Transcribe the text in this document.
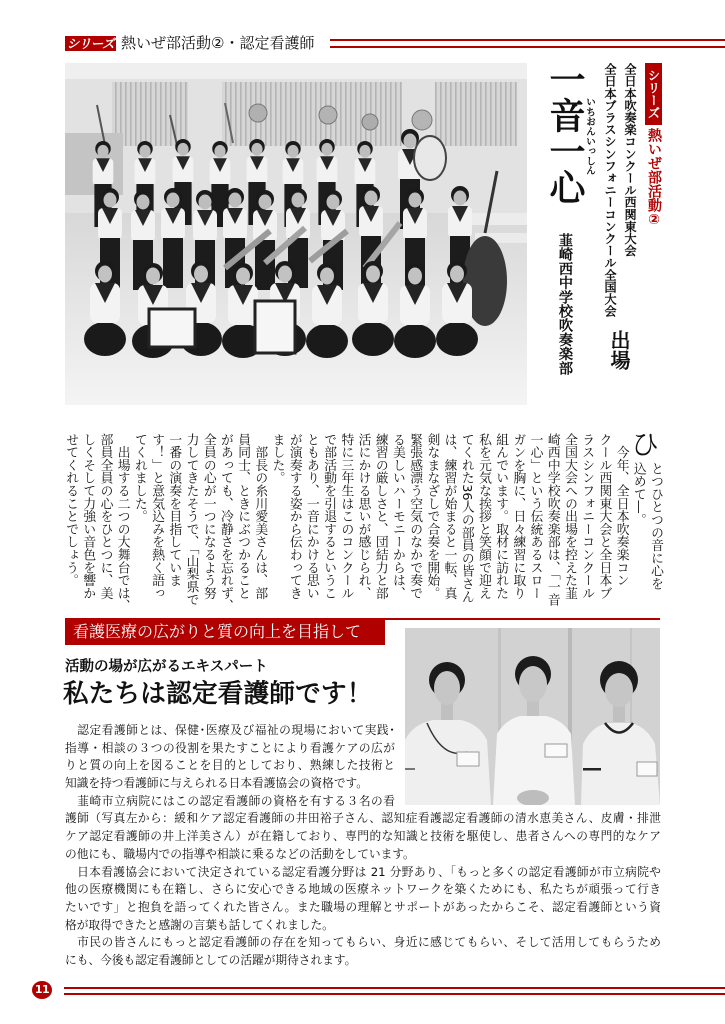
シリーズ 熱いぜ部活動②・認定看護師
シリーズ
熱いぜ部活動②
全日本吹奏楽コンクール西関東大会
全日本ブラスシンフォニーコンクール全国大会
出場
いちおんいっしん
一音一心
韮崎西中学校吹奏楽部
ひ
とつひとつの音に心を
込めて―。
　今年、全日本吹奏楽コン
クール西関東大会と全日本ブ
ラスシンフォニーコンクール
全国大会への出場を控えた韮
崎西中学校吹奏楽部は、「一音
一心」という伝統あるスロー
ガンを胸に、日々練習に取り
組んでいます。取材に訪れた
私を元気な挨拶と笑顔で迎え
てくれた36人の部員の皆さん
は、練習が始まると一転、真
剣なまなざしで合奏を開始。
緊張感漂う空気のなかで奏で
る美しいハーモニーからは、
練習の厳しさと、団結力と部
活にかける思いが感じられ、
特に三年生はこのコンクール
で部活動を引退するというこ
ともあり、一音にかける思い
が演奏する姿から伝わってき
ました。
　部長の糸川愛美さんは、部
員同士、ときにぶつかること
があっても、冷静さを忘れず、
全員の心が一つになるよう努
力してきたそうで、「山梨県で
一番の演奏を目指していま
す！」と意気込みを熱く語っ
てくれました。
　出場する二つの大舞台では、
部員全員の心をひとつに、美
しくそして力強い音色を響か
せてくれることでしょう。
看護医療の広がりと質の向上を目指して
活動の場が広がるエキスパート
私たちは認定看護師です！
　認定看護師とは、保健･医療及び福祉の現場において実践･
指導・相談の３つの役割を果たすことにより看護ケアの広が
りと質の向上を図ることを目的としており、熟練した技術と
知識を持つ看護師に与えられる日本看護協会の資格です。
　韮崎市立病院にはこの認定看護師の資格を有する３名の看
護師（写真左から：緩和ケア認定看護師の井田裕子さん、認知症看護認定看護師の清水恵美さん、皮膚・排泄
ケア認定看護師の井上洋美さん）が在籍しており、専門的な知識と技術を駆使し、患者さんへの専門的なケア
の他にも、職場内での指導や相談に乗るなどの活動をしています。
　日本看護協会において決定されている認定看護分野は 21 分野あり、「もっと多くの認定看護師が市立病院や
他の医療機関にも在籍し、さらに安心できる地域の医療ネットワークを築くためにも、私たちが頑張って行き
たいです」と抱負を語ってくれた皆さん。また職場の理解とサポートがあったからこそ、認定看護師という資
格が取得できたと感謝の言葉も話してくれました。
　市民の皆さんにもっと認定看護師の存在を知ってもらい、身近に感じてもらい、そして活用してもらうため
にも、今後も認定看護師としての活躍が期待されます。
11
